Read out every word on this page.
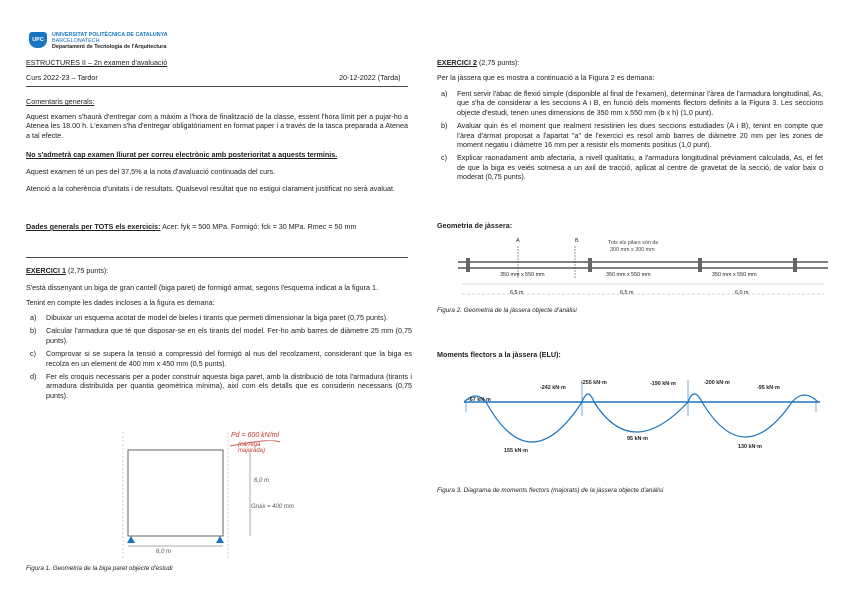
UPC
UNIVERSITAT POLITÈCNICA DE CATALUNYA
BARCELONATECH
Departament de Tecnologia de l'Arquitectura
ESTRUCTURES II – 2n examen d'avaluació
Curs 2022-23 – Tardor	20-12-2022 (Tarda)
Comentaris generals:

Aquest examen s'haurà d'entregar com a màxim a l'hora de finalització de la classe, essent l'hora límit per a pujar-ho a Atenea les 18.00 h. L'examen s'ha d'entregar obligatòriament en format paper i a través de la tasca preparada a Atenea a tal efecte.

No s'admetrà cap examen lliurat per correu electrònic amb posterioritat a aquests terminis.

Aquest examen té un pes del 37,5% a la nota d'avaluació continuada del curs.

Atenció a la coherència d'unitats i de resultats. Qualsevol resultat que no estigui clarament justificat no serà avaluat.

Dades generals per TOTS els exercicis: Acer: fyk = 500 MPa. Formigó: fck = 30 MPa. Rmec = 50 mm
EXERCICI 1 (2,75 punts):

S'està dissenyant un biga de gran cantell (biga paret) de formigó armat, segons l'esquema indicat a la figura 1.

Tenint en compte les dades incloses a la figura es demana:

a) Dibuixar un esquema acotat de model de bieles i tirants que permeti dimensionar la biga paret (0,75 punts).
b) Calcular l'armadura que té que disposar-se en els tirants del model. Fer-ho amb barres de diàmetre 25 mm (0,75 punts).
c) Comprovar si se supera la tensió a compressió del formigó al nus del recolzament, considerant que la biga es recolza en un element de 400 mm x 450 mm (0,5 punts).
d) Fer els croquis necessaris per a poder construir aquesta biga paret, amb la distribució de tota l'armadura (tirants i armadura distribuïda per quantia geomètrica mínima), així com els detalls que es considerin necessaris (0,75 punts).
Pd = 600 kN/ml
(càrrega majorada)
6,0 m
Gruix = 400 mm
6,0 m
Figura 1. Geometria de la biga paret objecte d'estudi
EXERCICI 2 (2,75 punts):

Per la jàssera que es mostra a continuació a la Figura 2 es demana:

a) Fent servir l'àbac de flexió simple (disponible al final de l'examen), determinar l'àrea de l'armadura longitudinal, As, que s'ha de considerar a les seccions A i B, en funció dels moments flectors definits a la Figura 3. Les seccions objecte d'estudi, tenen unes dimensions de 350 mm x 550 mm (b x h) (1,0 punt).
b) Avaluar quin és el moment que realment resistirien les dues seccions estudiades (A i B), tenint en compte que l'àrea d'armat proposat a l'apartat "a" de l'exercici es resol amb barres de diàmetre 20 mm per les zones de moment negatiu i diàmetre 16 mm per a resistir els moments positius (1,0 punt).
c) Explicar raonadament amb afectaria, a nivell qualitatiu, a l'armadura longitudinal prèviament calculada, As, el fet de que la biga es veiés sotmesa a un axil de tracció, aplicat al centre de gravetat de la secció, de valor baix o moderat (0,75 punts).
Geometria de jàssera:
A	B	Tots els pilars són de
300 mm x 300 mm
350 mm x 550 mm	350 mm x 550 mm	350 mm x 550 mm
6,5 m	6,5 m	6,0 m
Figura 2. Geometria de la jàssera objecte d'anàlisi
Moments flectors a la jàssera (ELU):
-67 kN·m
-242 kN·m
-255 kN·m	-190 kN·m	-200 kN·m
-95 kN·m
155 kN·m
95 kN·m
130 kN·m
Figura 3. Diagrama de moments flectors (majorats) de la jàssera objecte d'anàlisi
